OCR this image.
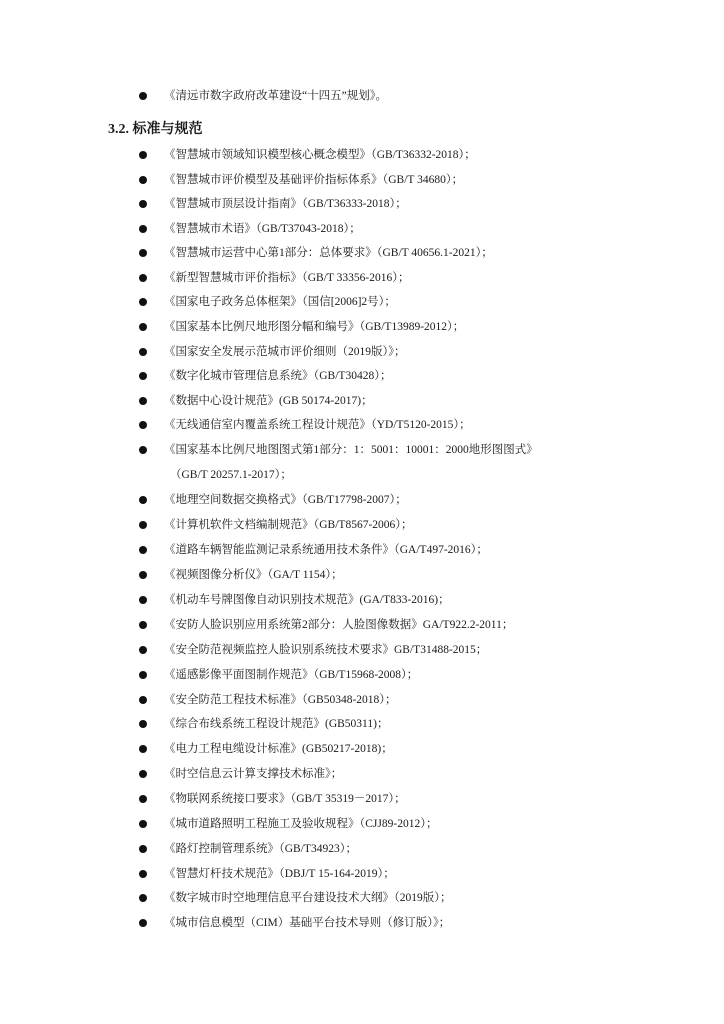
《清远市数字政府改革建设“十四五”规划》。
3.2. 标准与规范
《智慧城市领域知识模型核心概念模型》（GB/T36332-2018）；
《智慧城市评价模型及基础评价指标体系》（GB/T 34680）；
《智慧城市顶层设计指南》（GB/T36333-2018）；
《智慧城市术语》（GB/T37043-2018）；
《智慧城市运营中心第1部分：总体要求》（GB/T 40656.1-2021）；
《新型智慧城市评价指标》（GB/T 33356-2016）；
《国家电子政务总体框架》（国信[2006]2号）；
《国家基本比例尺地形图分幅和编号》（GB/T13989-2012）；
《国家安全发展示范城市评价细则（2019版）》；
《数字化城市管理信息系统》（GB/T30428）；
《数据中心设计规范》(GB 50174-2017)；
《无线通信室内覆盖系统工程设计规范》（YD/T5120-2015）；
《国家基本比例尺地图图式第1部分：1：5001：10001：2000地形图图式》
（GB/T 20257.1-2017）；
《地理空间数据交换格式》（GB/T17798-2007）；
《计算机软件文档编制规范》（GB/T8567-2006）；
《道路车辆智能监测记录系统通用技术条件》（GA/T497-2016）；
《视频图像分析仪》（GA/T 1154）；
《机动车号牌图像自动识别技术规范》(GA/T833-2016)；
《安防人脸识别应用系统第2部分：人脸图像数据》GA/T922.2-2011；
《安全防范视频监控人脸识别系统技术要求》GB/T31488-2015；
《遥感影像平面图制作规范》（GB/T15968-2008）；
《安全防范工程技术标准》（GB50348-2018）；
《综合布线系统工程设计规范》(GB50311)；
《电力工程电缆设计标准》(GB50217-2018)；
《时空信息云计算支撑技术标准》；
《物联网系统接口要求》（GB/T 35319－2017）；
《城市道路照明工程施工及验收规程》（CJJ89-2012）；
《路灯控制管理系统》（GB/T34923）；
《智慧灯杆技术规范》（DBJ/T 15-164-2019）；
《数字城市时空地理信息平台建设技术大纲》（2019版）；
《城市信息模型（CIM）基础平台技术导则（修订版）》；
